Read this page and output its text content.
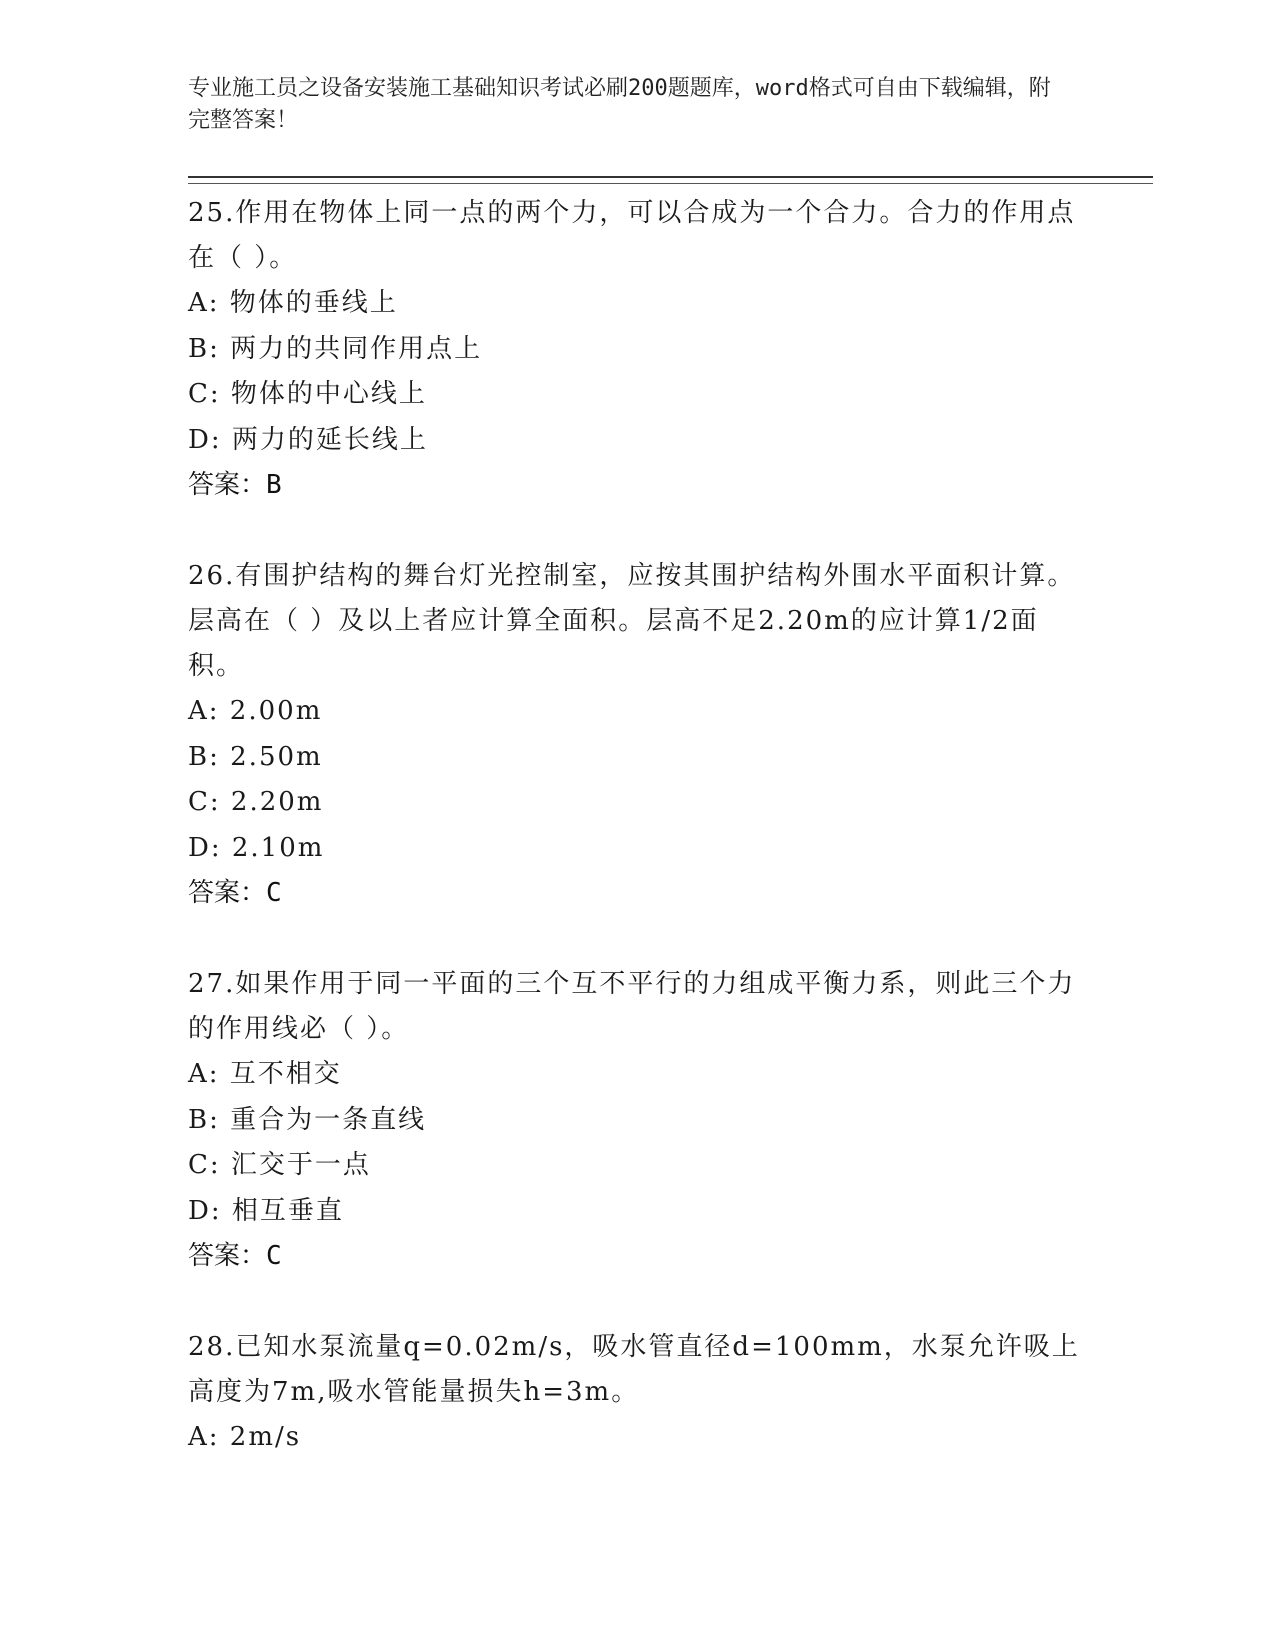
专业施工员之设备安装施工基础知识考试必刷200题题库，word格式可自由下载编辑，附完整答案！
25.作用在物体上同一点的两个力，可以合成为一个合力。合力的作用点在（ ）。
A: 物体的垂线上
B: 两力的共同作用点上
C: 物体的中心线上
D: 两力的延长线上
答案：B
26.有围护结构的舞台灯光控制室，应按其围护结构外围水平面积计算。层高在（ ）及以上者应计算全面积。层高不足2.20m的应计算1/2面积。
A: 2.00m
B: 2.50m
C: 2.20m
D: 2.10m
答案：C
27.如果作用于同一平面的三个互不平行的力组成平衡力系，则此三个力的作用线必（ ）。
A: 互不相交
B: 重合为一条直线
C: 汇交于一点
D: 相互垂直
答案：C
28.已知水泵流量q=0.02m/s，吸水管直径d=100mm，水泵允许吸上高度为7m,吸水管能量损失h=3m。
A: 2m/s
